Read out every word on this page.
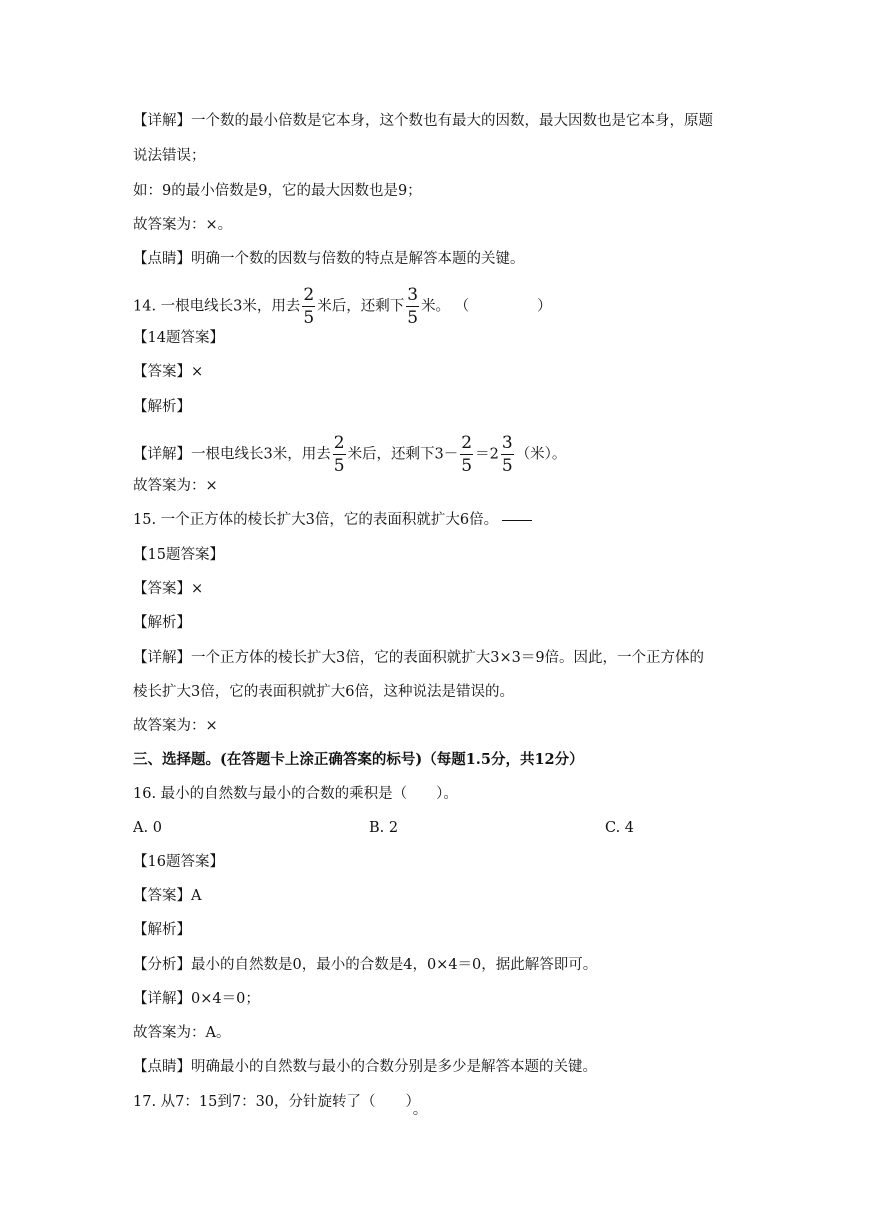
【详解】一个数的最小倍数是它本身，这个数也有最大的因数，最大因数也是它本身，原题
说法错误；
如：9的最小倍数是9，它的最大因数也是9；
故答案为：×。
【点睛】明确一个数的因数与倍数的特点是解答本题的关键。
14. 一根电线长3米，用去 $\frac{2}{5}$ 米后，还剩下 $\frac{3}{5}$ 米。 （	）
【14题答案】
【答案】×
【解析】
【详解】一根电线长3米，用去 $\frac{2}{5}$ 米后，还剩下$3- \frac{2}{5} =2 \frac{3}{5}$ （米）。
故答案为：×
15. 一个正方体的棱长扩大3倍，它的表面积就扩大6倍。
【15题答案】
【答案】×
【解析】
【详解】一个正方体的棱长扩大3倍，它的表面积就扩大3×3＝9倍。因此，一个正方体的
棱长扩大3倍，它的表面积就扩大6倍，这种说法是错误的。
故答案为：×
三、选择题。(在答题卡上涂正确答案的标号)（每题1.5分，共12分）
16. 最小的自然数与最小的合数的乘积是（　　）。
A. 0	B. 2	C. 4
【16题答案】
【答案】A
【解析】
【分析】最小的自然数是0，最小的合数是4，0×4＝0，据此解答即可。
【详解】0×4＝0；
故答案为：A。
【点睛】明确最小的自然数与最小的合数分别是多少是解答本题的关键。
17. 从7：15到7：30，分针旋转了（ ）。
